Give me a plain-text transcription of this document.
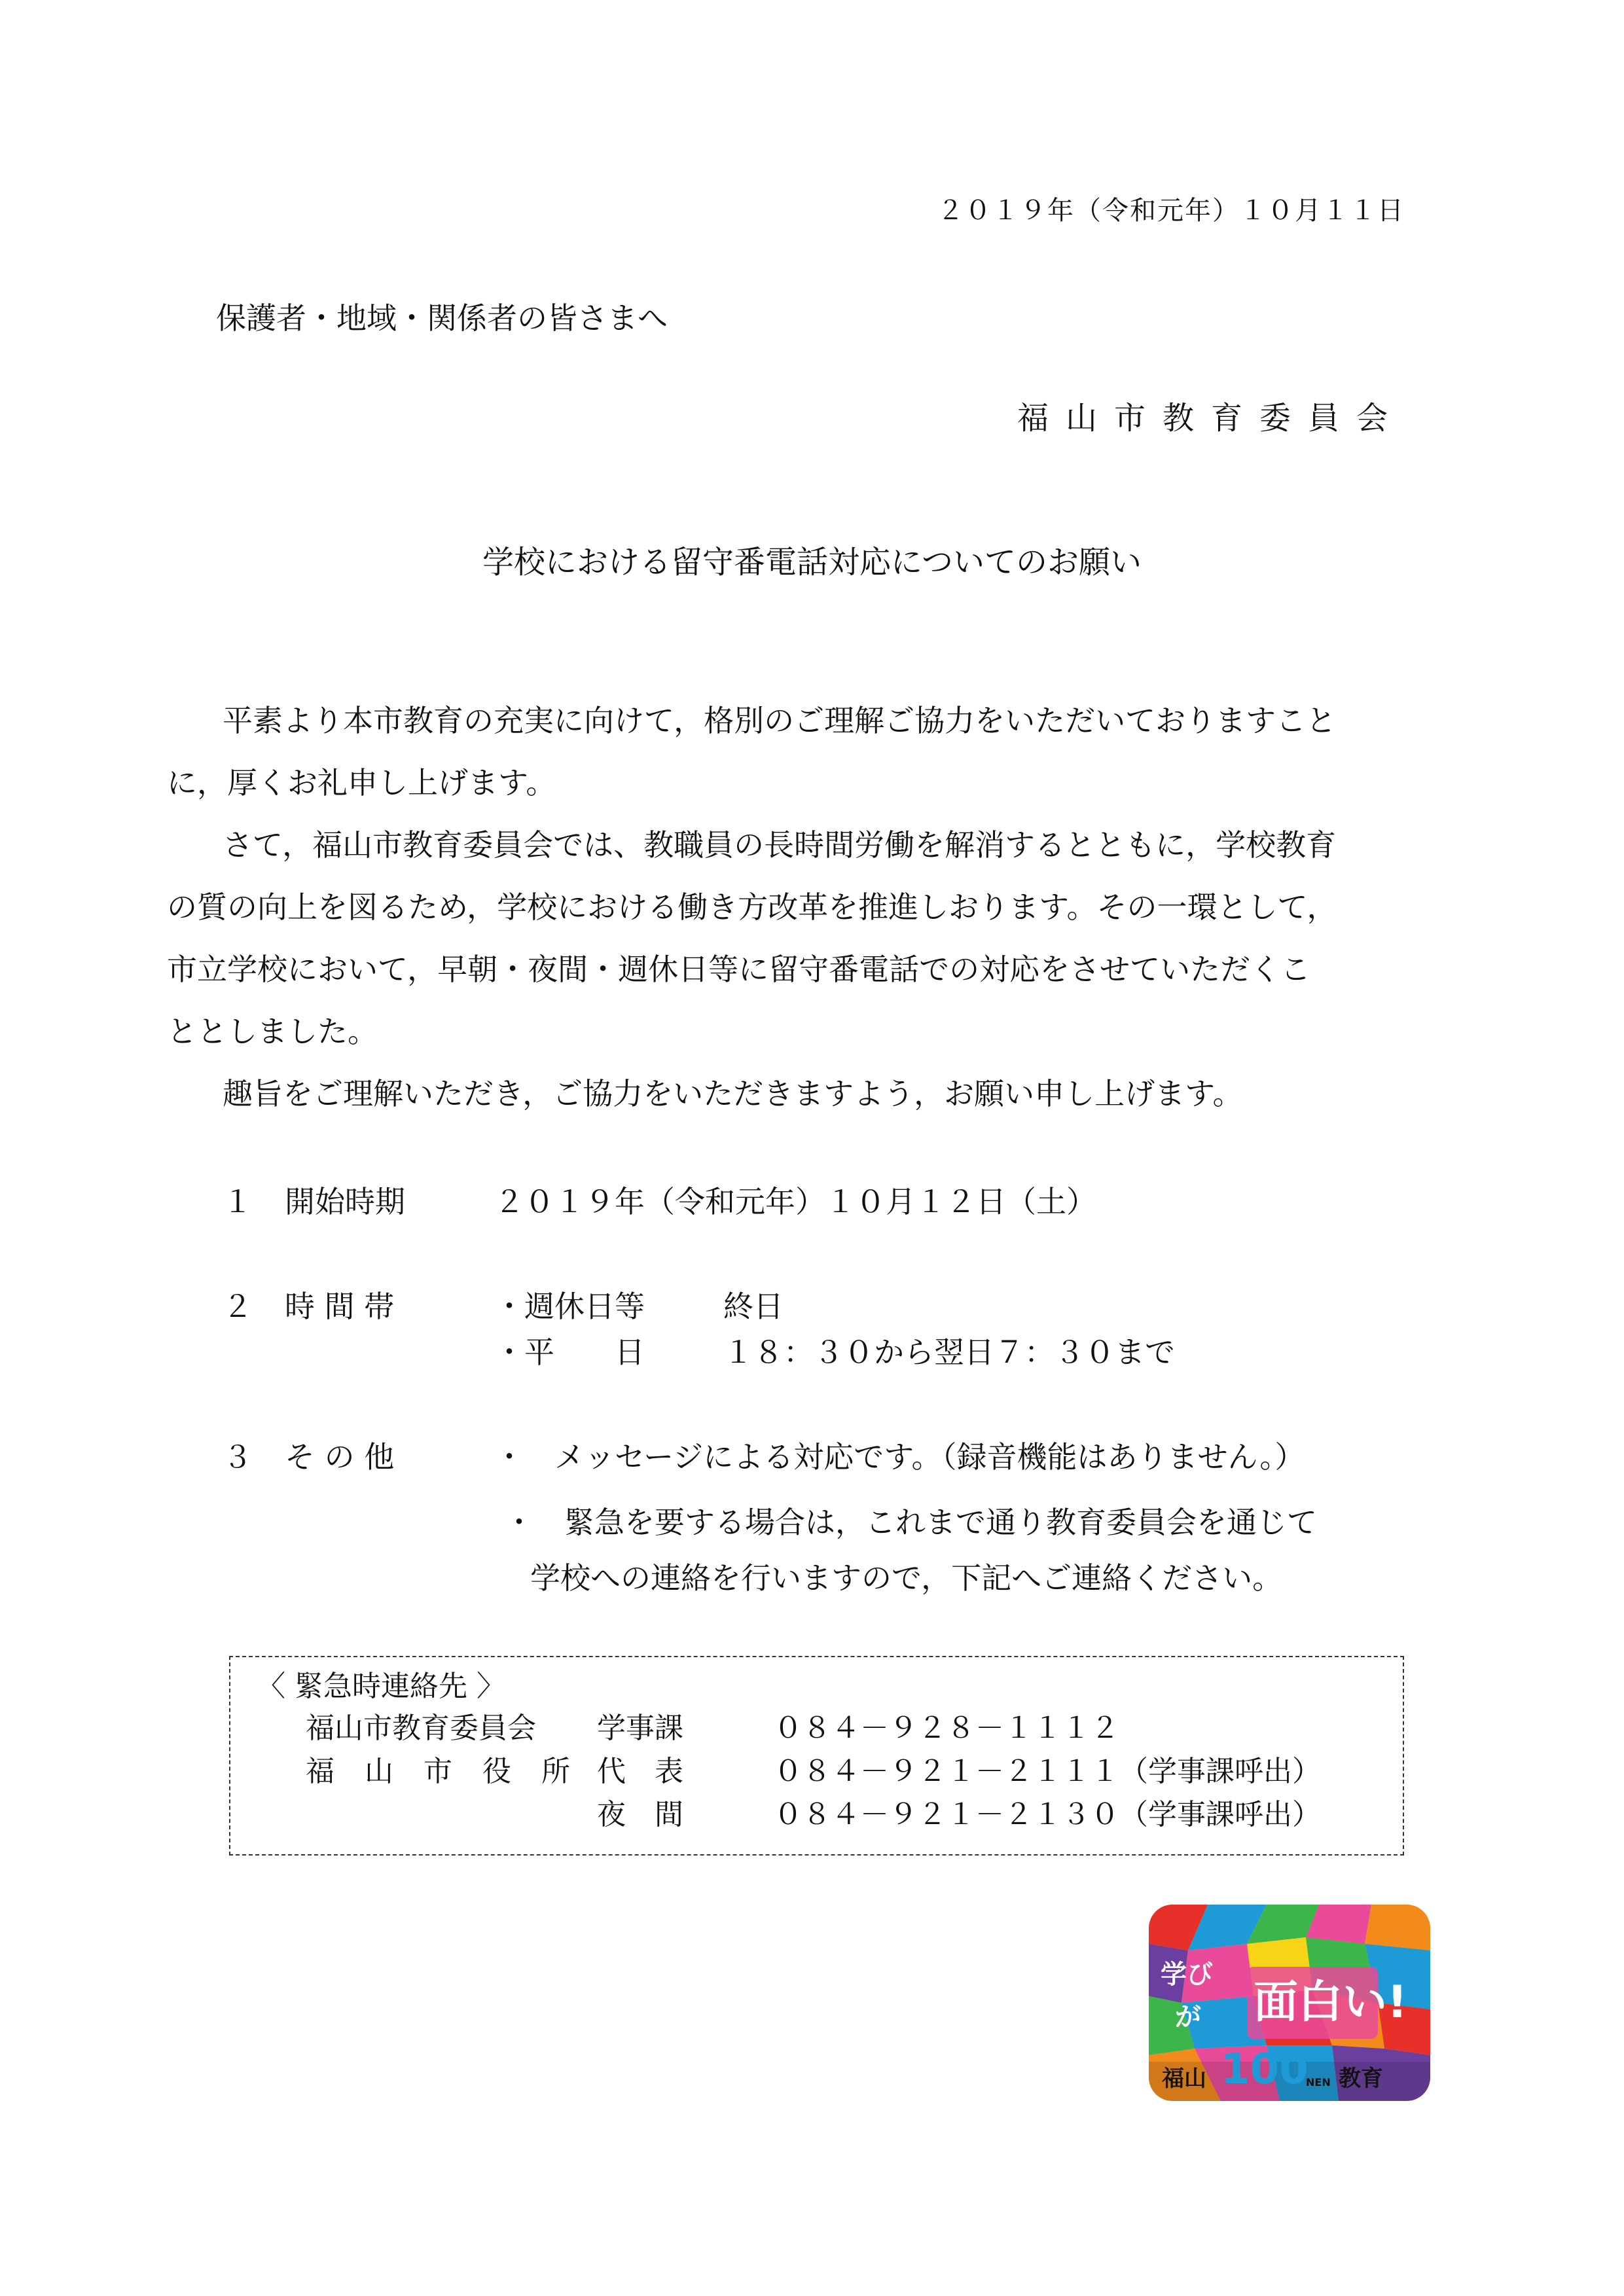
２０１９年（令和元年）１０月１１日
保護者・地域・関係者の皆さまへ
福山市教育委員会
学校における留守番電話対応についてのお願い
平素より本市教育の充実に向けて，格別のご理解ご協力をいただいておりますこと
に，厚くお礼申し上げます。
さて，福山市教育委員会では、教職員の長時間労働を解消するとともに，学校教育
の質の向上を図るため，学校における働き方改革を推進しおります。その一環として，
市立学校において，早朝・夜間・週休日等に留守番電話での対応をさせていただくこ
ととしました。
趣旨をご理解いただき，ご協力をいただきますよう，お願い申し上げます。
１ 開始時期	２０１９年（令和元年）１０月１２日（土）
２ 時 間 帯	・週休日等	終日
・平　　日	１８：３０から翌日７：３０まで
３ そ の 他	・　メッセージによる対応です。（録音機能はありません。）
・　緊急を要する場合は，これまで通り教育委員会を通じて
学校への連絡を行いますので，下記へご連絡ください。
〈 緊急時連絡先 〉
福山市教育委員会 学事課	０８４－９２８－１１１２
福 山 市 役 所 代　表	０８４－９２１－２１１１（学事課呼出）
夜　間	０８４－９２１－２１３０（学事課呼出）
学び
が 面白い!
福山 100
NEN 教育
